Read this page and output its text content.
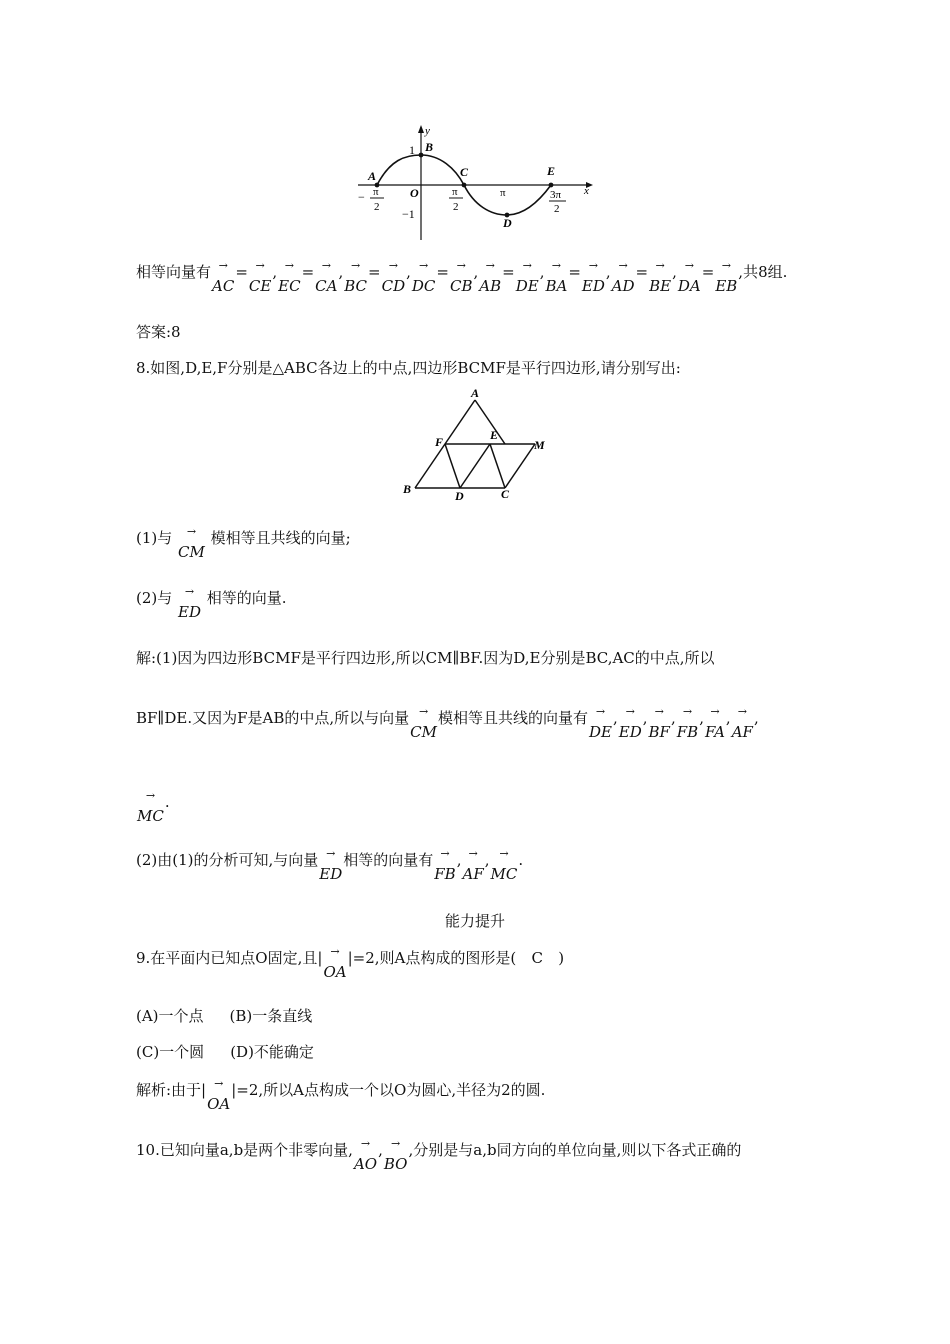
y
x
1
−1
O
A
B
C
D
E
− π
2
π
2
π	3π
2
相等向量有 →
AC
= →
CE
, →
EC
= →
CA
, →
BC
= →
CD
, →
DC
= →
CB
, →
AB
= →
DE
, →
BA
= →
ED
, →
AD
= →
BE
, →
DA
= →
EB
,共8组.
答案:8
8.如图,D,E,F分别是△ABC各边上的中点,四边形BCMF是平行四边形,请分别写出:
A
F	E
M
B	D	C
(1)与	→
CM
模相等且共线的向量;
(2)与	→
ED
相等的向量.
解:(1)因为四边形BCMF是平行四边形,所以CM∥BF.因为D,E分别是BC,AC的中点,所以
BF∥DE.又因为F是AB的中点,所以与向量 →
CM
模相等且共线的向量有 →
DE
, →
ED
, →
BF
, →
FB
, →
FA
, →
AF
,
→
MC
.
(2)由(1)的分析可知,与向量 →
ED
相等的向量有 →
FB
, →
AF
, →
MC
.
能力提升
9.在平面内已知点O固定,且| →
OA
|=2,则A点构成的图形是( C )
(A)一个点 (B)一条直线
(C)一个圆 (D)不能确定
解析:由于| →
OA
|=2,所以A点构成一个以O为圆心,半径为2的圆.
10.已知向量a,b是两个非零向量, →
AO
, →
BO
,分别是与a,b同方向的单位向量,则以下各式正确的
